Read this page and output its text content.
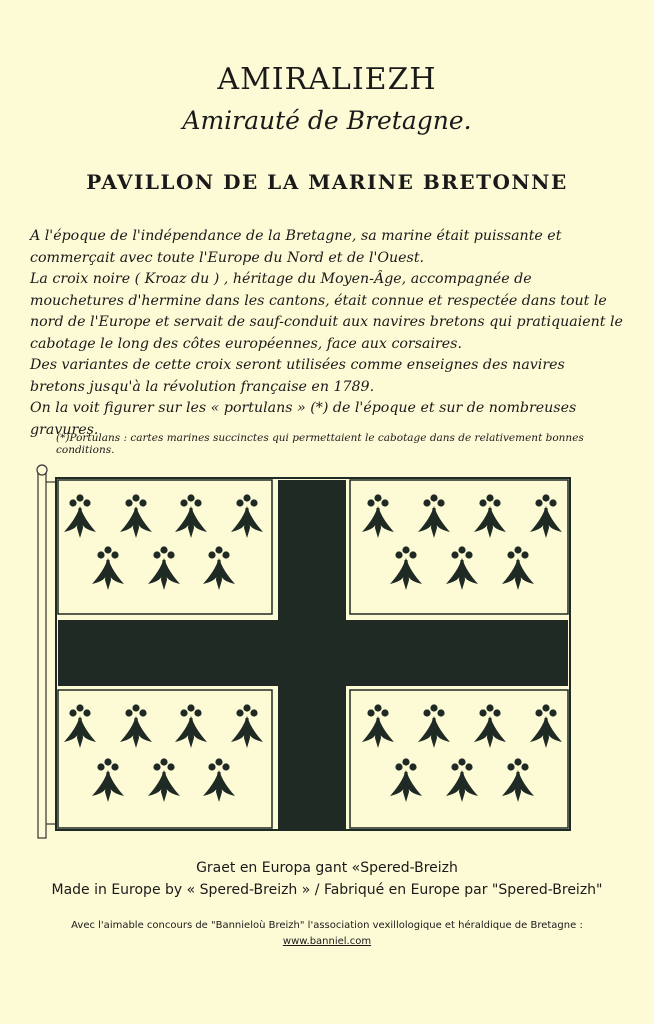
AMIRALIEZH
Amirauté de Bretagne.
PAVILLON DE LA MARINE BRETONNE

A l'époque de l'indépendance de la Bretagne, sa marine était puissante et commerçait avec toute l'Europe du Nord et de l'Ouest.

La croix noire ( Kroaz du ) , héritage du Moyen-Âge, accompagnée de mouchetures d'hermine dans les cantons, était connue et respectée dans tout le nord de l'Europe et servait de sauf-conduit aux navires bretons qui pratiquaient le cabotage le long des côtes européennes, face aux corsaires.

Des variantes de cette croix seront utilisées comme enseignes des navires bretons jusqu'à la révolution française en 1789.

On la voit figurer sur les « portulans » (*) de l'époque et sur de nombreuses gravures.

(*)Portulans : cartes marines succinctes qui permettaient le cabotage dans de relativement bonnes conditions.
Graet en Europa gant «Spered-Breizh
Made in Europe by « Spered-Breizh » / Fabriqué en Europe par "Spered-Breizh"
Avec l'aimable concours de "Bannieloù Breizh" l'association vexillologique et héraldique de Bretagne :
www.banniel.com
